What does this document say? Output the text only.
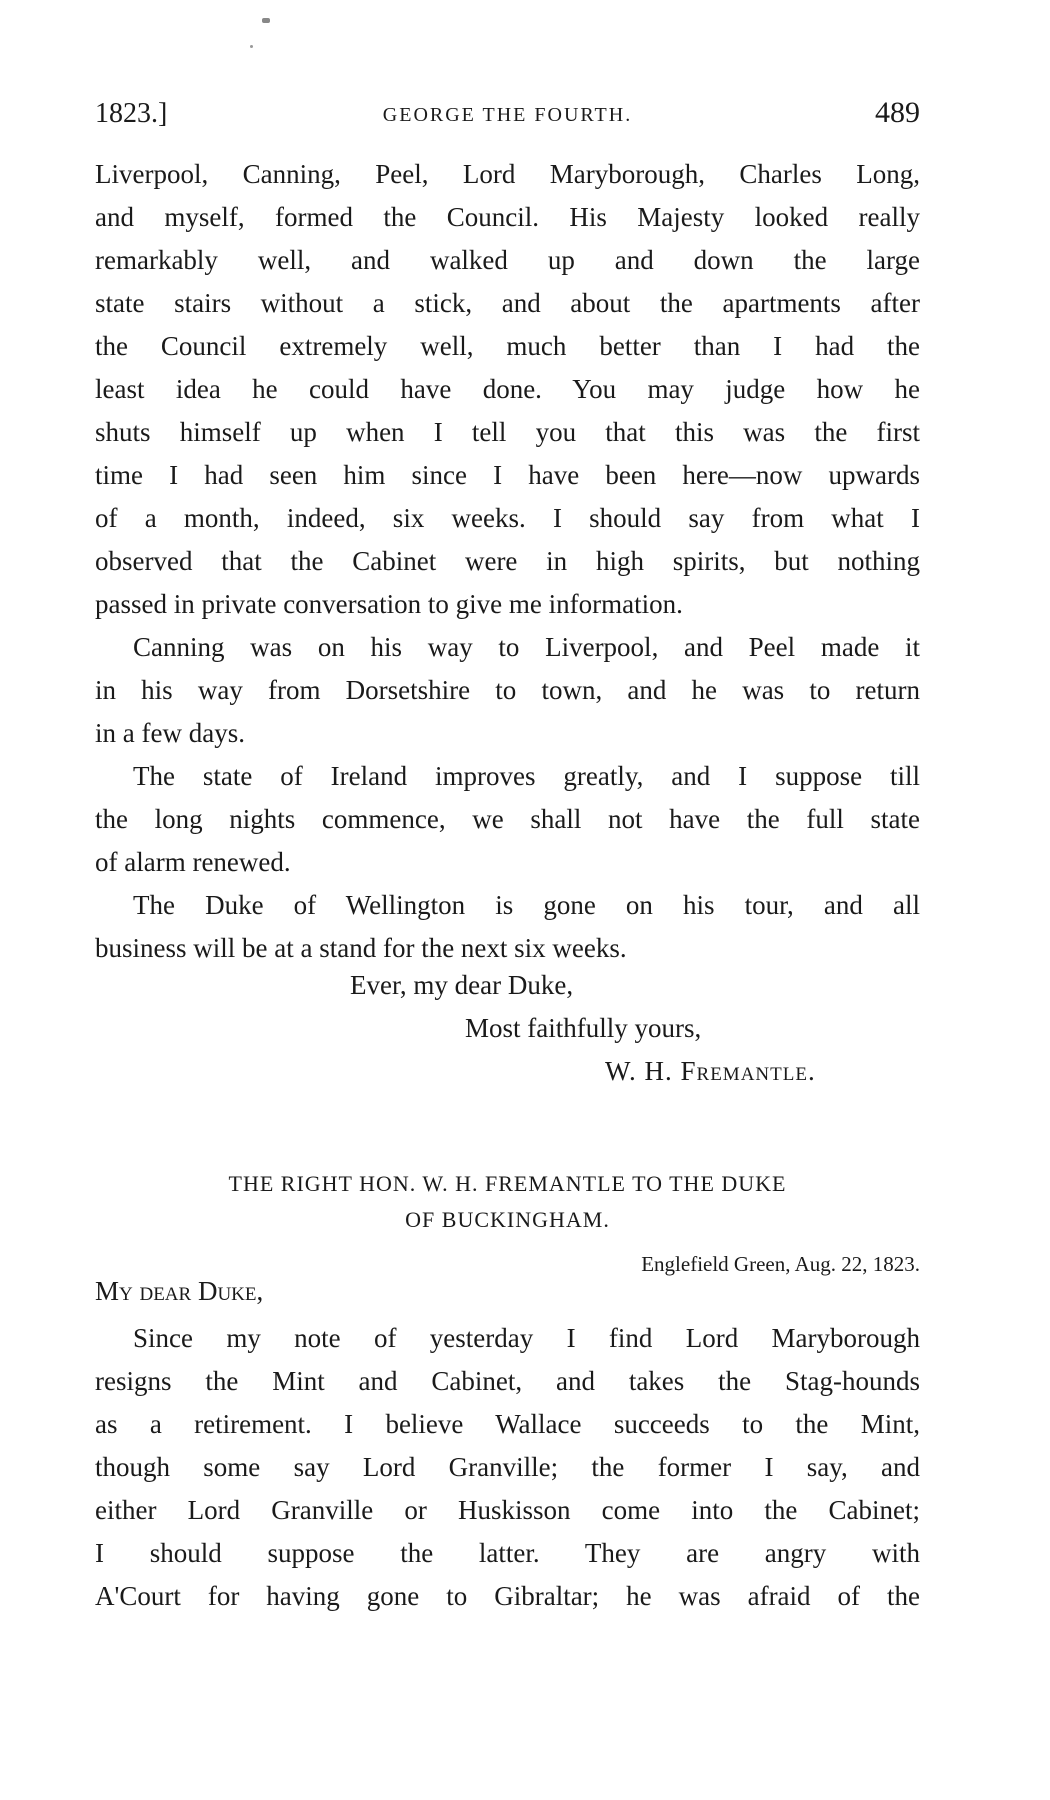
1823.]	GEORGE THE FOURTH.	489
Liverpool, Canning, Peel, Lord Maryborough, Charles Long,
and myself, formed the Council. His Majesty looked really
remarkably well, and walked up and down the large
state stairs without a stick, and about the apartments after
the Council extremely well, much better than I had the
least idea he could have done. You may judge how he
shuts himself up when I tell you that this was the first
time I had seen him since I have been here—now upwards
of a month, indeed, six weeks. I should say from what I
observed that the Cabinet were in high spirits, but nothing
passed in private conversation to give me information.
Canning was on his way to Liverpool, and Peel made it
in his way from Dorsetshire to town, and he was to return
in a few days.
The state of Ireland improves greatly, and I suppose till
the long nights commence, we shall not have the full state
of alarm renewed.
The Duke of Wellington is gone on his tour, and all
business will be at a stand for the next six weeks.
Ever, my dear Duke,
Most faithfully yours,
W. H. Fremantle.
THE RIGHT HON. W. H. FREMANTLE TO THE DUKE
OF BUCKINGHAM.
Englefield Green, Aug. 22, 1823.
My dear Duke,
Since my note of yesterday I find Lord Maryborough
resigns the Mint and Cabinet, and takes the Stag-hounds
as a retirement. I believe Wallace succeeds to the Mint,
though some say Lord Granville; the former I say, and
either Lord Granville or Huskisson come into the Cabinet;
I should suppose the latter. They are angry with
A'Court for having gone to Gibraltar; he was afraid of the
